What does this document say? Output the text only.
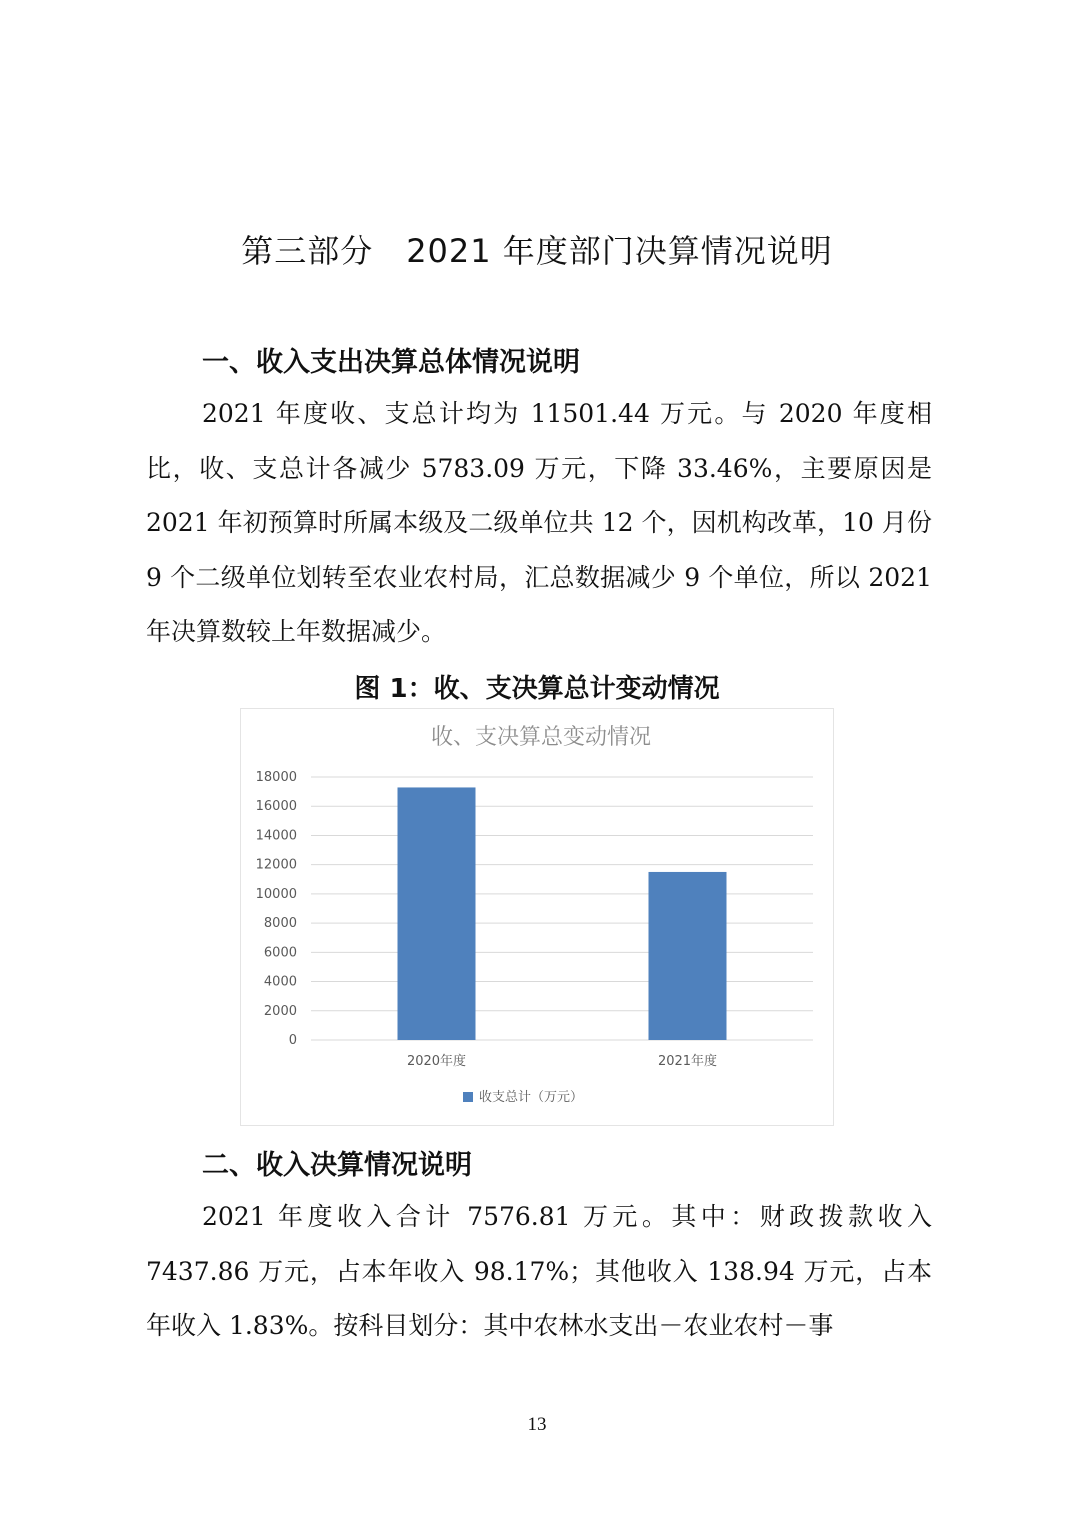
第三部分　2021 年度部门决算情况说明
一、收入支出决算总体情况说明

2021 年度收、支总计均为 11501.44 万元。与 2020 年度相比，收、支总计各减少 5783.09 万元，下降 33.46%，主要原因是 2021 年初预算时所属本级及二级单位共 12 个，因机构改革，10 月份 9 个二级单位划转至农业农村局，汇总数据减少 9 个单位，所以 2021 年决算数较上年数据减少。

图 1：收、支决算总计变动情况
收、支决算总变动情况
0
2000
4000
6000
8000
10000
12000
14000
16000
18000
2020年度	2021年度
收支总计（万元）
二、收入决算情况说明

2021 年度收入合计 7576.81 万元。其中：财政拨款收入 7437.86 万元，占本年收入 98.17%；其他收入 138.94 万元，占本年收入 1.83%。按科目划分：其中农林水支出－农业农村－事

13
